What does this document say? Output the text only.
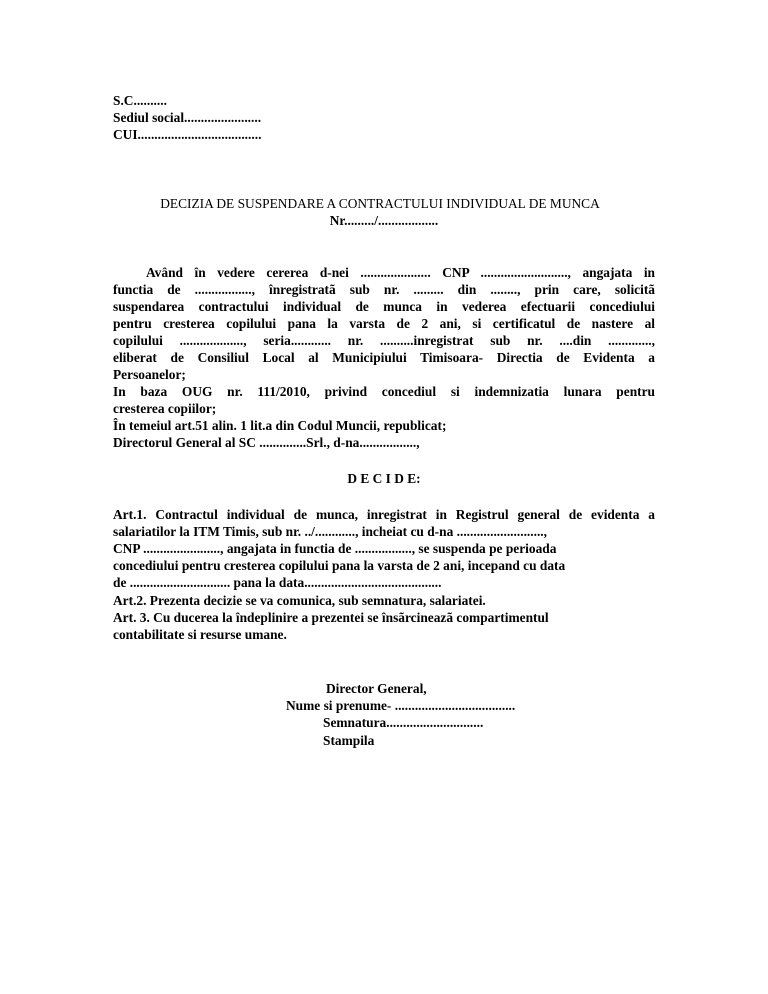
S.C..........
Sediul social.......................
CUI.....................................
DECIZIA DE SUSPENDARE A CONTRACTULUI INDIVIDUAL DE MUNCA
Nr........./..................
Având în vedere cererea d-nei ..................... CNP .........................., angajata in
functia de ................., înregistratã sub nr. ......... din ........, prin care, solicitã
suspendarea contractului individual de munca in vederea efectuarii concediului
pentru cresterea copilului pana la varsta de 2 ani, si certificatul de nastere al
copilului ..................., seria............ nr. ..........inregistrat sub nr. ....din .............,
eliberat de Consiliul Local al Municipiului Timisoara- Directia de Evidenta a
Persoanelor;
In baza OUG nr. 111/2010, privind concediul si indemnizatia lunara pentru
cresterea copiilor;
În temeiul art.51 alin. 1 lit.a din Codul Muncii, republicat;
Directorul General al SC ..............Srl., d-na.................,
D E C I D E:
Art.1. Contractul individual de munca, inregistrat in Registrul general de evidenta a
salariatilor la ITM Timis, sub nr. ../............, incheiat cu d-na ..........................,
CNP ......................., angajata in functia de ................., se suspenda pe perioada
concediului pentru cresterea copilului pana la varsta de 2 ani, incepand cu data
de .............................. pana la data.........................................
Art.2. Prezenta decizie se va comunica, sub semnatura, salariatei.
Art. 3. Cu ducerea la îndeplinire a prezentei se însãrcineazã compartimentul
contabilitate si resurse umane.
Director General,
Nume si prenume- ....................................
Semnatura.............................
Stampila
